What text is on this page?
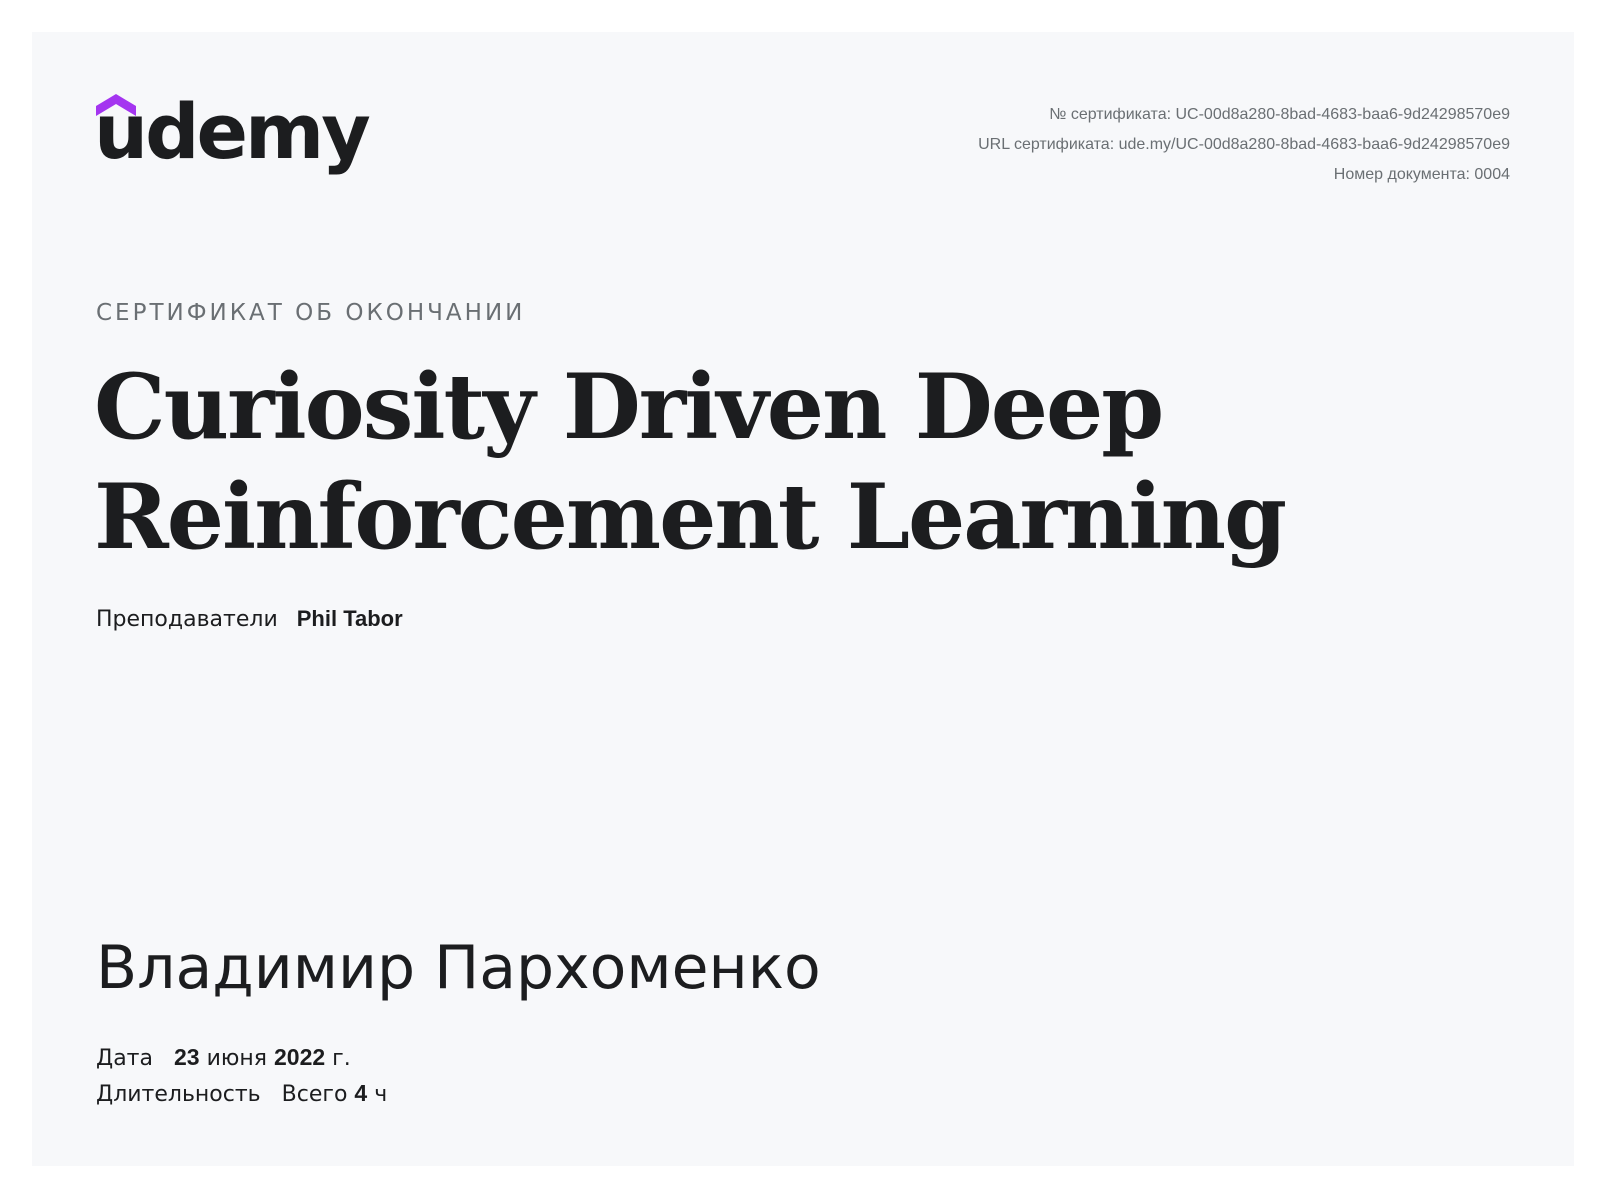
udemy	№ сертификата: UC-00d8a280-8bad-4683-baa6-9d24298570e9
URL сертификата: ude.my/UC-00d8a280-8bad-4683-baa6-9d24298570e9
Номер документа: 0004
СЕРТИФИКАТ ОБ ОКОНЧАНИИ
Curiosity Driven Deep Reinforcement Learning
Преподаватели Phil Tabor
Владимир Пархоменко
Дата 23 июня 2022 г.
Длительность Всего 4 ч
